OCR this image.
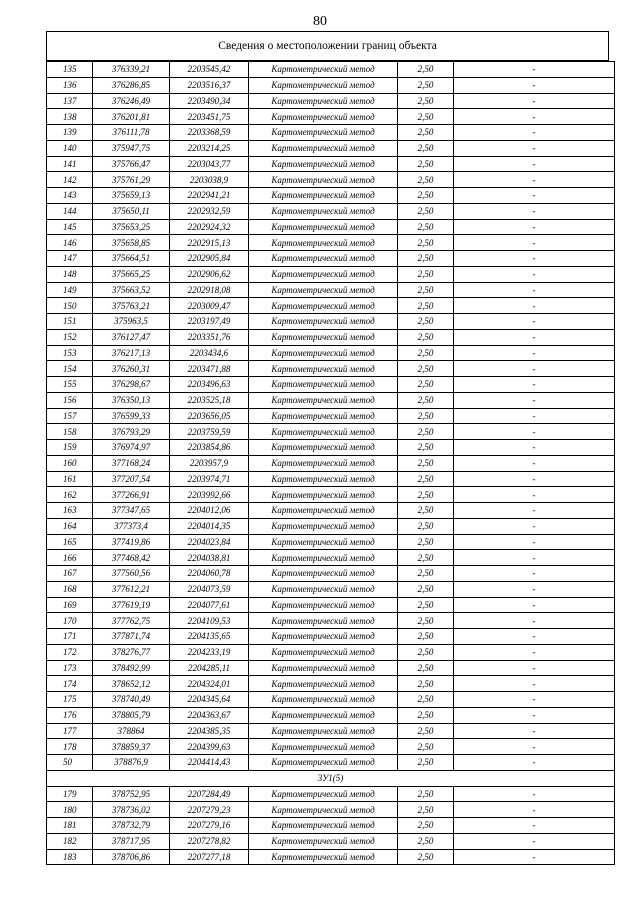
80
Сведения о местоположении границ объекта
135	376339,21	2203545,42	Картометрический метод	2,50	-
136	376286,85	2203516,37	Картометрический метод	2,50	-
137	376246,49	2203490,34	Картометрический метод	2,50	-
138	376201,81	2203451,75	Картометрический метод	2,50	-
139	376111,78	2203368,59	Картометрический метод	2,50	-
140	375947,75	2203214,25	Картометрический метод	2,50	-
141	375766,47	2203043,77	Картометрический метод	2,50	-
142	375761,29	2203038,9	Картометрический метод	2,50	-
143	375659,13	2202941,21	Картометрический метод	2,50	-
144	375650,11	2202932,59	Картометрический метод	2,50	-
145	375653,25	2202924,32	Картометрический метод	2,50	-
146	375658,85	2202915,13	Картометрический метод	2,50	-
147	375664,51	2202905,84	Картометрический метод	2,50	-
148	375665,25	2202906,62	Картометрический метод	2,50	-
149	375663,52	2202918,08	Картометрический метод	2,50	-
150	375763,21	2203009,47	Картометрический метод	2,50	-
151	375963,5	2203197,49	Картометрический метод	2,50	-
152	376127,47	2203351,76	Картометрический метод	2,50	-
153	376217,13	2203434,6	Картометрический метод	2,50	-
154	376260,31	2203471,88	Картометрический метод	2,50	-
155	376298,67	2203496,63	Картометрический метод	2,50	-
156	376350,13	2203525,18	Картометрический метод	2,50	-
157	376599,33	2203656,05	Картометрический метод	2,50	-
158	376793,29	2203759,59	Картометрический метод	2,50	-
159	376974,97	2203854,86	Картометрический метод	2,50	-
160	377168,24	2203957,9	Картометрический метод	2,50	-
161	377207,54	2203974,71	Картометрический метод	2,50	-
162	377266,91	2203992,66	Картометрический метод	2,50	-
163	377347,65	2204012,06	Картометрический метод	2,50	-
164	377373,4	2204014,35	Картометрический метод	2,50	-
165	377419,86	2204023,84	Картометрический метод	2,50	-
166	377468,42	2204038,81	Картометрический метод	2,50	-
167	377560,56	2204060,78	Картометрический метод	2,50	-
168	377612,21	2204073,59	Картометрический метод	2,50	-
169	377619,19	2204077,61	Картометрический метод	2,50	-
170	377762,75	2204109,53	Картометрический метод	2,50	-
171	377871,74	2204135,65	Картометрический метод	2,50	-
172	378276,77	2204233,19	Картометрический метод	2,50	-
173	378492,99	2204285,11	Картометрический метод	2,50	-
174	378652,12	2204324,01	Картометрический метод	2,50	-
175	378740,49	2204345,64	Картометрический метод	2,50	-
176	378805,79	2204363,67	Картометрический метод	2,50	-
177	378864	2204385,35	Картометрический метод	2,50	-
178	378859,37	2204399,63	Картометрический метод	2,50	-
50	378876,9	2204414,43	Картометрический метод	2,50	-
3У1(5)					
179	378752,95	2207284,49	Картометрический метод	2,50	-
180	378736,02	2207279,23	Картометрический метод	2,50	-
181	378732,79	2207279,16	Картометрический метод	2,50	-
182	378717,95	2207278,82	Картометрический метод	2,50	-
183	378706,86	2207277,18	Картометрический метод	2,50	-
